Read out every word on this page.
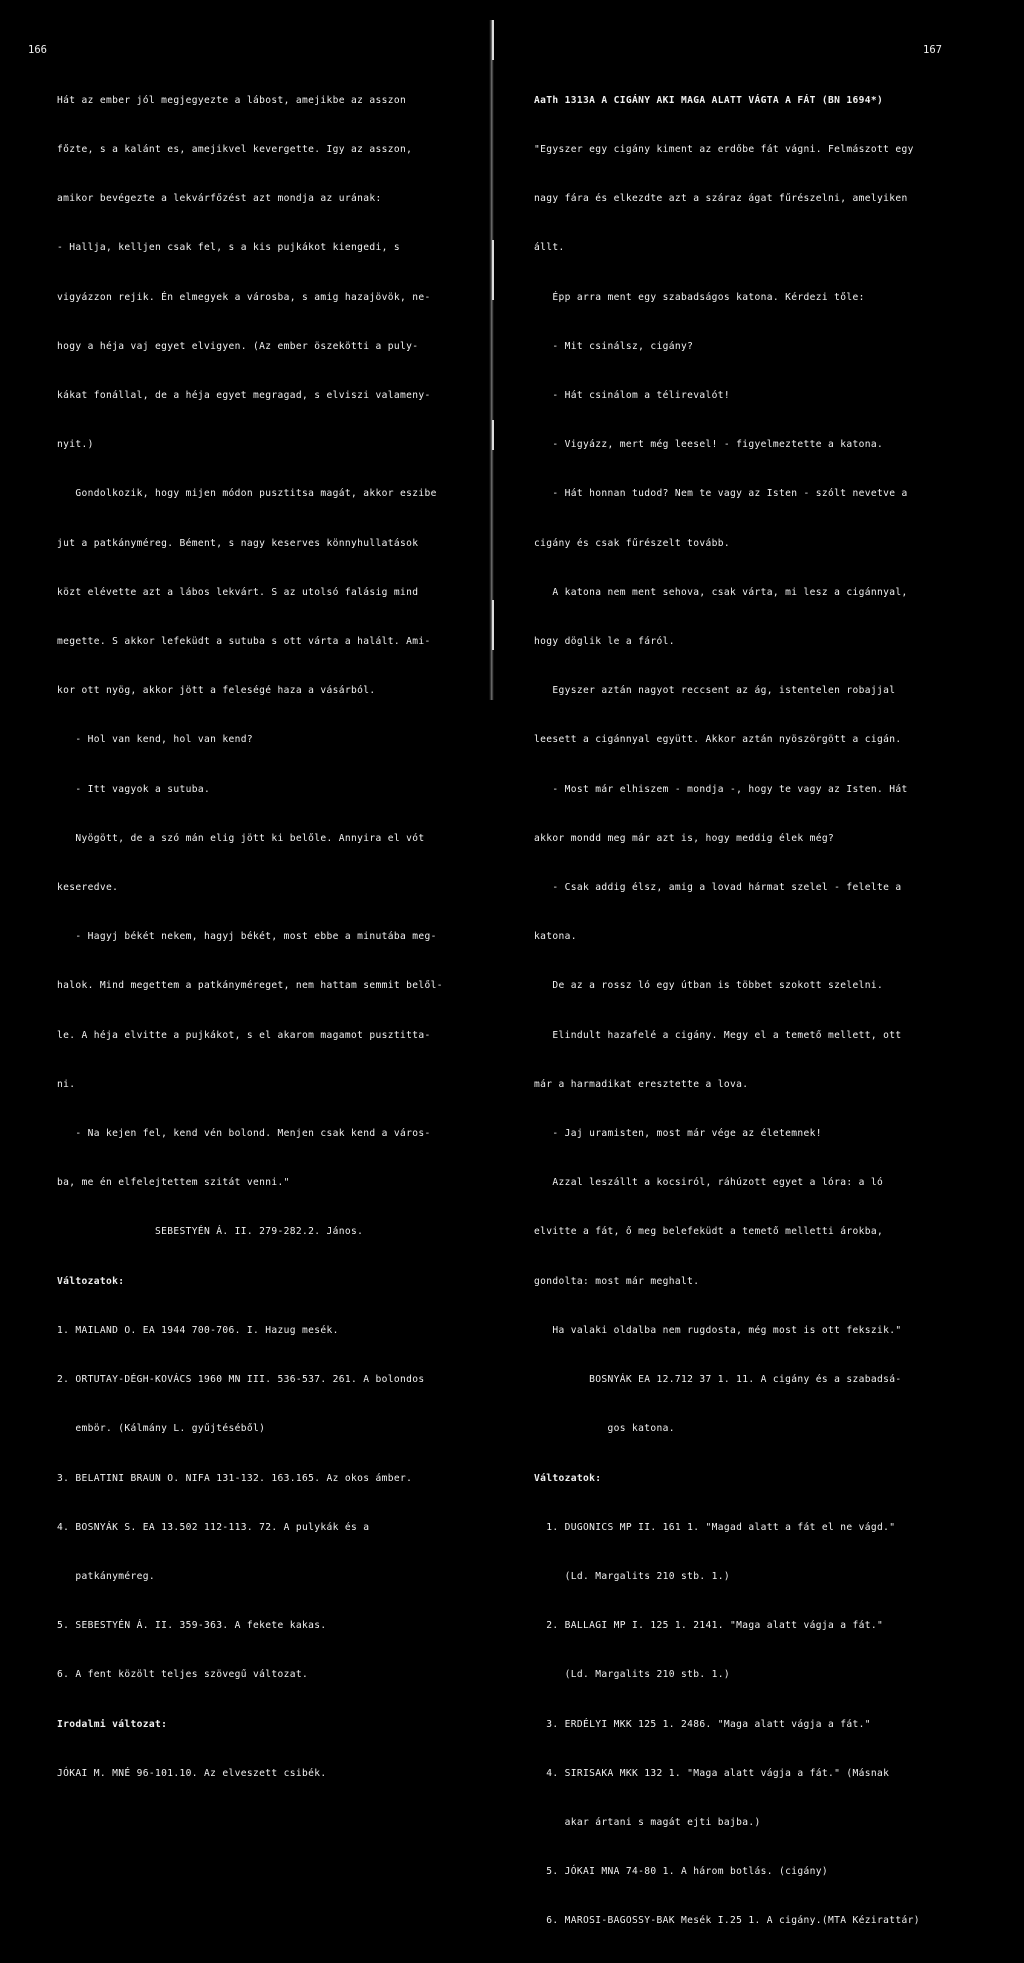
166

Hát az ember jól megjegyezte a lábost, amejikbe az asszon

főzte, s a kalánt es, amejikvel kevergette. Igy az asszon,

amikor bevégezte a lekvárfőzést azt mondja az urának:

- Hallja, kelljen csak fel, s a kis pujkákot kiengedi, s

vigyázzon rejik. Én elmegyek a városba, s amig hazajövök, ne-

hogy a héja vaj egyet elvigyen. (Az ember öszekötti a puly-

kákat fonállal, de a héja egyet megragad, s elviszi valameny-

nyit.)

Gondolkozik, hogy mijen módon pusztitsa magát, akkor eszibe

jut a patkányméreg. Bément, s nagy keserves könnyhullatások

közt elévette azt a lábos lekvárt. S az utolsó falásig mind

megette. S akkor lefeküdt a sutuba s ott várta a halált. Ami-

kor ott nyög, akkor jött a feleségé haza a vásárból.

- Hol van kend, hol van kend?

- Itt vagyok a sutuba.

Nyögött, de a szó mán elig jött ki belőle. Annyira el vót

keseredve.

- Hagyj békét nekem, hagyj békét, most ebbe a minutába meg-

halok. Mind megettem a patkányméreget, nem hattam semmit belől-

le. A héja elvitte a pujkákot, s el akarom magamot pusztitta-

ni.

- Na kejen fel, kend vén bolond. Menjen csak kend a város-

ba, me én elfelejtettem szitát venni."

SEBESTYÉN Á. II. 279-282.2. János.

Változatok:

1. MAILAND O. EA 1944 700-706. I. Hazug mesék.

2. ORTUTAY-DÉGH-KOVÁCS 1960 MN III. 536-537. 261. A bolondos

embör. (Kálmány L. gyűjtéséből)

3. BELATINI BRAUN O. NIFA 131-132. 163.165. Az okos ámber.

4. BOSNYÁK S. EA 13.502 112-113. 72. A pulykák és a

patkányméreg.

5. SEBESTYÉN Á. II. 359-363. A fekete kakas.

6. A fent közölt teljes szövegű változat.

Irodalmi változat:

JÓKAI M. MNÉ 96-101.10. Az elveszett csibék.

167

AaTh 1313A A CIGÁNY AKI MAGA ALATT VÁGTA A FÁT (BN 1694*)

"Egyszer egy cigány kiment az erdőbe fát vágni. Felmászott egy

nagy fára és elkezdte azt a száraz ágat fűrészelni, amelyiken

állt.

Épp arra ment egy szabadságos katona. Kérdezi tőle:

- Mit csinálsz, cigány?

- Hát csinálom a télirevalót!

- Vigyázz, mert még leesel! - figyelmeztette a katona.

- Hát honnan tudod? Nem te vagy az Isten - szólt nevetve a

cigány és csak fűrészelt tovább.

A katona nem ment sehova, csak várta, mi lesz a cigánnyal,

hogy döglik le a fáról.

Egyszer aztán nagyot reccsent az ág, istentelen robajjal

leesett a cigánnyal együtt. Akkor aztán nyöszörgött a cigán.

- Most már elhiszem - mondja -, hogy te vagy az Isten. Hát

akkor mondd meg már azt is, hogy meddig élek még?

- Csak addig élsz, amig a lovad hármat szelel - felelte a

katona.

De az a rossz ló egy útban is többet szokott szelelni.

Elindult hazafelé a cigány. Megy el a temető mellett, ott

már a harmadikat eresztette a lova.

- Jaj uramisten, most már vége az életemnek!

Azzal leszállt a kocsiról, ráhúzott egyet a lóra: a ló

elvitte a fát, ő meg belefeküdt a temető melletti árokba,

gondolta: most már meghalt.

Ha valaki oldalba nem rugdosta, még most is ott fekszik."

BOSNYÁK EA 12.712 37 1. 11. A cigány és a szabadsá-

gos katona.

Változatok:

1. DUGONICS MP II. 161 1. "Magad alatt a fát el ne vágd."

(Ld. Margalits 210 stb. 1.)

2. BALLAGI MP I. 125 1. 2141. "Maga alatt vágja a fát."

(Ld. Margalits 210 stb. 1.)

3. ERDÉLYI MKK 125 1. 2486. "Maga alatt vágja a fát."

4. SIRISAKA MKK 132 1. "Maga alatt vágja a fát." (Másnak

akar ártani s magát ejti bajba.)

5. JÓKAI MNA 74-80 1. A három botlás. (cigány)

6. MAROSI-BAGOSSY-BAK Mesék I.25 1. A cigány.(MTA Kézirattár)
